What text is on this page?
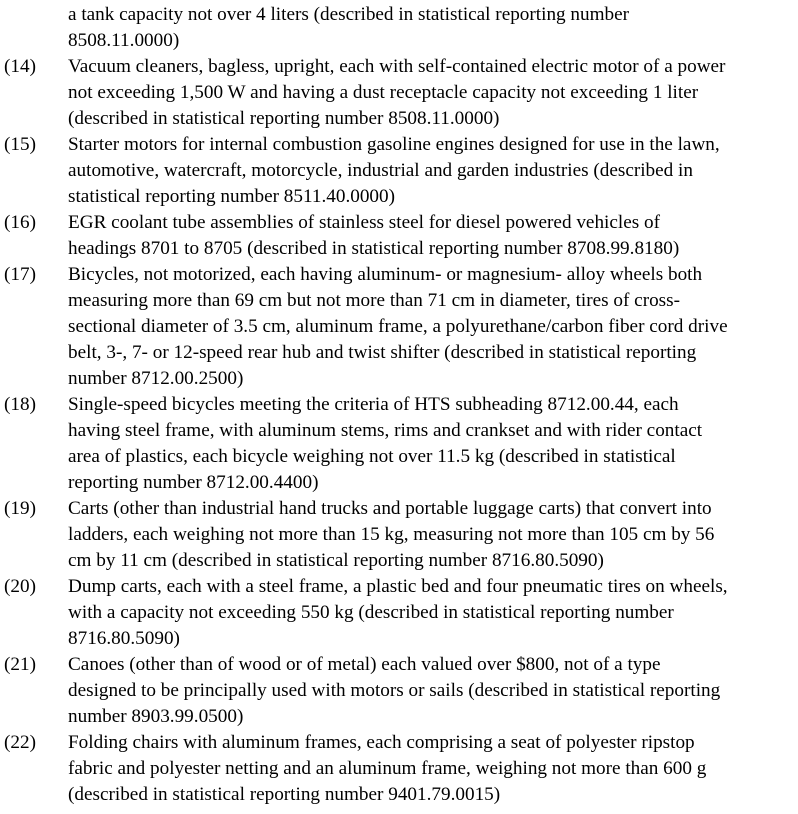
a tank capacity not over 4 liters (described in statistical reporting number
8508.11.0000)
(14)	Vacuum cleaners, bagless, upright, each with self-contained electric motor of a power
not exceeding 1,500 W and having a dust receptacle capacity not exceeding 1 liter
(described in statistical reporting number 8508.11.0000)
(15)	Starter motors for internal combustion gasoline engines designed for use in the lawn,
automotive, watercraft, motorcycle, industrial and garden industries (described in
statistical reporting number 8511.40.0000)
(16)	EGR coolant tube assemblies of stainless steel for diesel powered vehicles of
headings 8701 to 8705 (described in statistical reporting number 8708.99.8180)
(17)	Bicycles, not motorized, each having aluminum- or magnesium- alloy wheels both
measuring more than 69 cm but not more than 71 cm in diameter, tires of cross-
sectional diameter of 3.5 cm, aluminum frame, a polyurethane/carbon fiber cord drive
belt, 3-, 7- or 12-speed rear hub and twist shifter (described in statistical reporting
number 8712.00.2500)
(18)	Single-speed bicycles meeting the criteria of HTS subheading 8712.00.44, each
having steel frame, with aluminum stems, rims and crankset and with rider contact
area of plastics, each bicycle weighing not over 11.5 kg (described in statistical
reporting number 8712.00.4400)
(19)	Carts (other than industrial hand trucks and portable luggage carts) that convert into
ladders, each weighing not more than 15 kg, measuring not more than 105 cm by 56
cm by 11 cm (described in statistical reporting number 8716.80.5090)
(20)	Dump carts, each with a steel frame, a plastic bed and four pneumatic tires on wheels,
with a capacity not exceeding 550 kg (described in statistical reporting number
8716.80.5090)
(21)	Canoes (other than of wood or of metal) each valued over $800, not of a type
designed to be principally used with motors or sails (described in statistical reporting
number 8903.99.0500)
(22)	Folding chairs with aluminum frames, each comprising a seat of polyester ripstop
fabric and polyester netting and an aluminum frame, weighing not more than 600 g
(described in statistical reporting number 9401.79.0015)
